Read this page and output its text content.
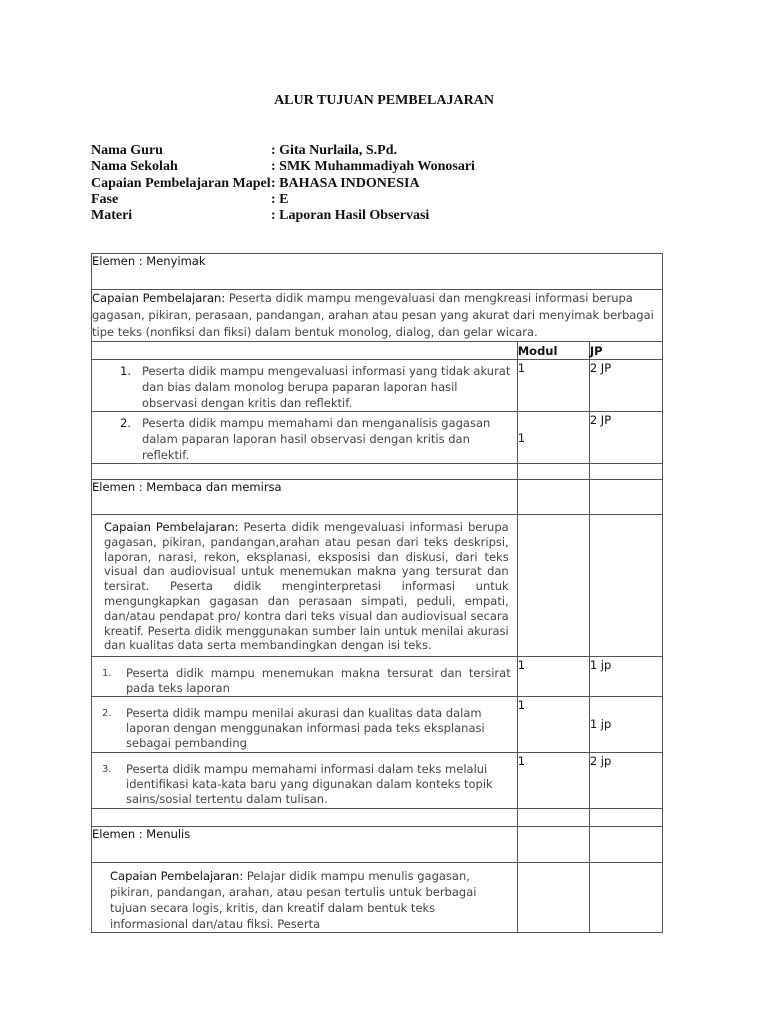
ALUR TUJUAN PEMBELAJARAN
Nama Guru	: Gita Nurlaila, S.Pd.
Nama Sekolah	: SMK Muhammadiyah Wonosari
Capaian Pembelajaran Mapel : BAHASA INDONESIA
Fase	: E
Materi	: Laporan Hasil Observasi
Elemen : Menyimak		
Capaian Pembelajaran: Peserta didik mampu mengevaluasi dan mengkreasi informasi berupa gagasan, pikiran, perasaan, pandangan, arahan atau pesan yang akurat dari menyimak berbagai tipe teks (nonfiksi dan fiksi) dalam bentuk monolog, dialog, dan gelar wicara.		
	Modul	JP

1. Peserta didik mampu mengevaluasi informasi yang tidak akurat dan bias dalam monolog berupa paparan laporan hasil observasi dengan kritis dan reflektif.	1	2 JP

2. Peserta didik mampu memahami dan menganalisis gagasan dalam paparan laporan hasil observasi dengan kritis dan reflektif.	1	2 JP

Elemen : Membaca dan memirsa		

Capaian Pembelajaran: Peserta didik mengevaluasi informasi berupa gagasan, pikiran, pandangan,arahan atau pesan dari teks deskripsi, laporan, narasi, rekon, eksplanasi, eksposisi dan diskusi, dari teks visual dan audiovisual untuk menemukan makna yang tersurat dan tersirat. Peserta didik menginterpretasi informasi untuk mengungkapkan gagasan dan perasaan simpati, peduli, empati, dan/atau pendapat pro/ kontra dari teks visual dan audiovisual secara kreatif. Peserta didik menggunakan sumber lain untuk menilai akurasi dan kualitas data serta membandingkan dengan isi teks.		

1. Peserta didik mampu menemukan makna tersurat dan tersirat pada teks laporan	1	1 jp

2. Peserta didik mampu menilai akurasi dan kualitas data dalam laporan dengan menggunakan informasi pada teks eksplanasi sebagai pembanding	1	1 jp

3. Peserta didik mampu memahami informasi dalam teks melalui identifikasi kata-kata baru yang digunakan dalam konteks topik sains/sosial tertentu dalam tulisan.	1	2 jp

Elemen : Menulis		

Capaian Pembelajaran: Pelajar didik mampu menulis gagasan, pikiran, pandangan, arahan, atau pesan tertulis untuk berbagai tujuan secara logis, kritis, dan kreatif dalam bentuk teks informasional dan/atau fiksi. Peserta		
